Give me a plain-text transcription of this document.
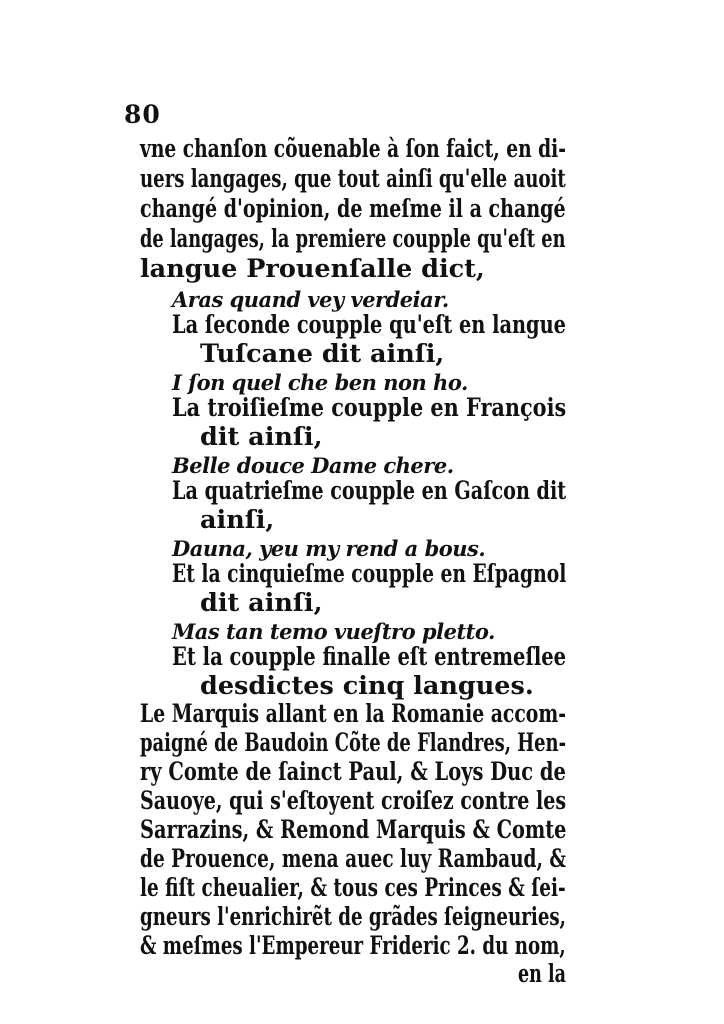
80
vne chanſon cõuenable à ſon faict, en di-
uers langages, que tout ainſi qu'elle auoit
changé d'opinion, de meſme il a changé
de langages, la premiere coupple qu'eſt en
langue Prouenſalle dict,
Aras quand vey verdeiar.
La ſeconde coupple qu'eſt en langue
Tuſcane dit ainſi,
I ſon quel che ben non ho.
La troiſieſme coupple en François
dit ainſi,
Belle douce Dame chere.
La quatrieſme coupple en Gaſcon dit
ainſi,
Dauna, yeu my rend a bous.
Et la cinquieſme coupple en Eſpagnol
dit ainſi,
Mas tan temo vueſtro pletto.
Et la coupple finalle eſt entremeſlee
desdictes cinq langues.
Le Marquis allant en la Romanie accom-
paigné de Baudoin Cõte de Flandres, Hen-
ry Comte de ſainct Paul, & Loys Duc de
Sauoye, qui s'eſtoyent croiſez contre les
Sarrazins, & Remond Marquis & Comte
de Prouence, mena auec luy Rambaud, &
le fiſt cheualier, & tous ces Princes & ſei-
gneurs l'enrichirẽt de grãdes ſeigneuries,
& meſmes l'Empereur Frideric 2. du nom,
en la
